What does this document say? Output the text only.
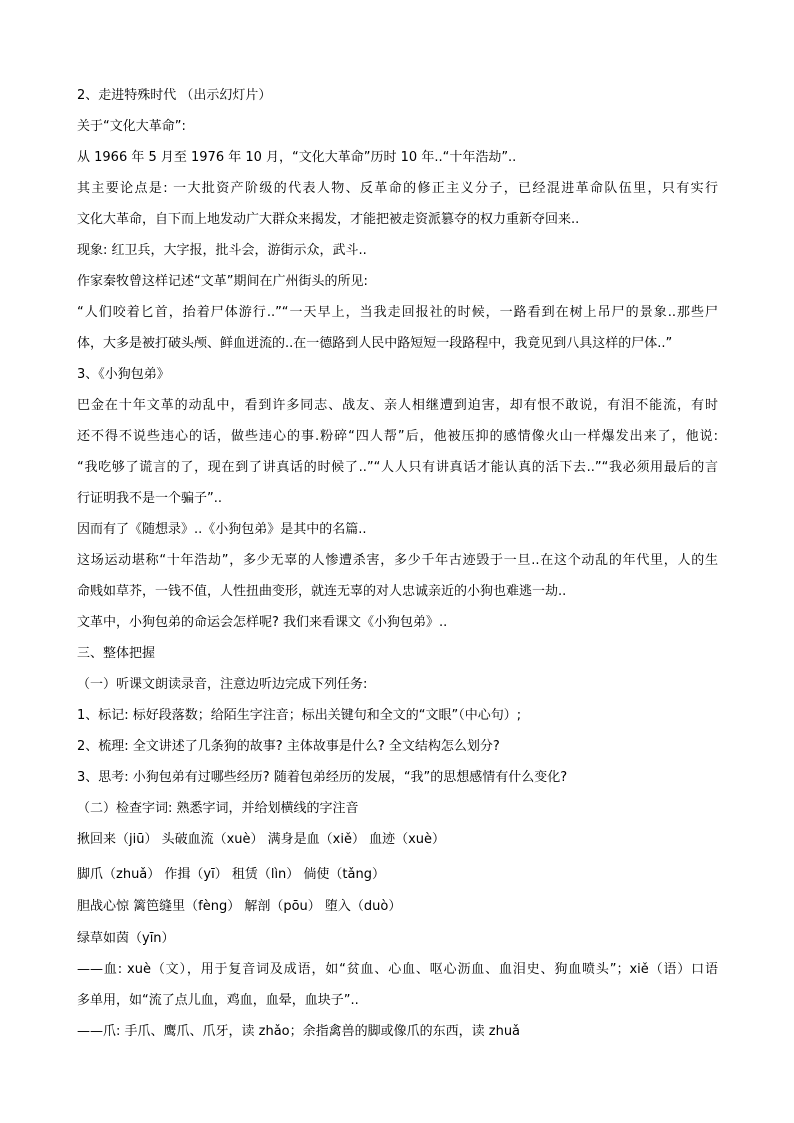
2、走进特殊时代 （出示幻灯片）
关于“文化大革命”:
从 1966 年 5 月至 1976 年 10 月，“文化大革命”历时 10 年..“十年浩劫”..
其主要论点是: 一大批资产阶级的代表人物、反革命的修正主义分子，已经混进革命队伍里，只有实行
文化大革命，自下而上地发动广大群众来揭发，才能把被走资派篡夺的权力重新夺回来..
现象: 红卫兵，大字报，批斗会，游街示众，武斗..
作家秦牧曾这样记述“文革”期间在广州街头的所见:
“人们咬着匕首，抬着尸体游行..”“一天早上，当我走回报社的时候，一路看到在树上吊尸的景象..那些尸
体，大多是被打破头颅、鲜血迸流的..在一德路到人民中路短短一段路程中，我竟见到八具这样的尸体..”
3、《小狗包弟》
巴金在十年文革的动乱中，看到许多同志、战友、亲人相继遭到迫害，却有恨不敢说，有泪不能流，有时
还不得不说些违心的话，做些违心的事.粉碎“四人帮”后，他被压抑的感情像火山一样爆发出来了，他说:
“我吃够了谎言的了，现在到了讲真话的时候了..”“人人只有讲真话才能认真的活下去..”“我必须用最后的言
行证明我不是一个骗子”..
因而有了《随想录》..《小狗包弟》是其中的名篇..
这场运动堪称“十年浩劫”，多少无辜的人惨遭杀害，多少千年古迹毁于一旦..在这个动乱的年代里，人的生
命贱如草芥，一钱不值，人性扭曲变形，就连无辜的对人忠诚亲近的小狗也难逃一劫..
文革中，小狗包弟的命运会怎样呢? 我们来看课文《小狗包弟》..
三、整体把握
（一）听课文朗读录音，注意边听边完成下列任务:
1、标记: 标好段落数；给陌生字注音；标出关键句和全文的“文眼”（中心句）;
2、梳理: 全文讲述了几条狗的故事? 主体故事是什么? 全文结构怎么划分?
3、思考: 小狗包弟有过哪些经历? 随着包弟经历的发展，“我”的思想感情有什么变化?
（二）检查字词: 熟悉字词，并给划横线的字注音
揪回来（jiū） 头破血流（xuè） 满身是血（xiě） 血迹（xuè）
脚爪（zhuǎ） 作揖（yī） 租赁（lìn） 倘使（tǎng）
胆战心惊 篱笆缝里（fèng） 解剖（pōu） 堕入（duò）
绿草如茵（yīn）
——血: xuè（文），用于复音词及成语，如“贫血、心血、呕心沥血、血泪史、狗血喷头”；xiě（语）口语
多单用，如“流了点儿血，鸡血，血晕，血块子”..
——爪: 手爪、鹰爪、爪牙，读 zhǎo；余指禽兽的脚或像爪的东西，读 zhuǎ
